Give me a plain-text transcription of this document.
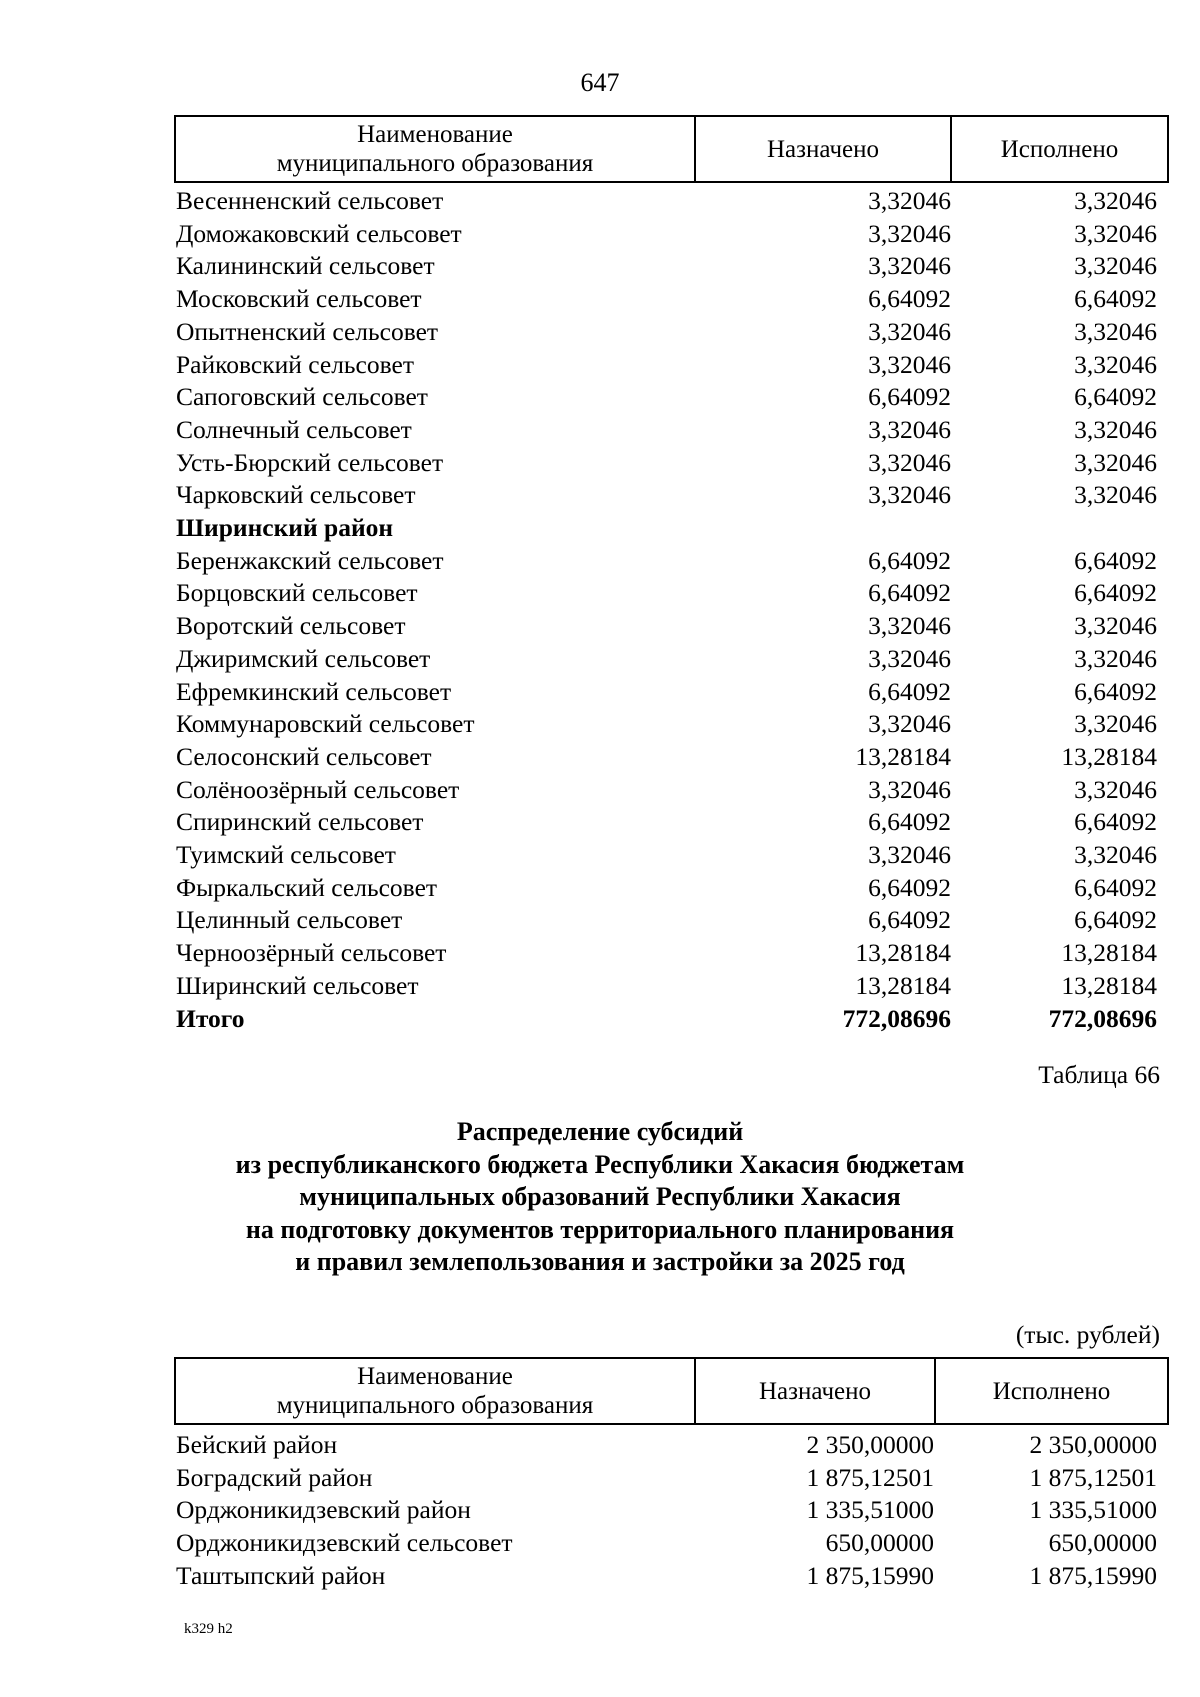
647
Наименование
муниципального образования
Назначено	Исполнено
Весенненский сельсовет	3,32046	3,32046
Доможаковский сельсовет	3,32046	3,32046
Калининский сельсовет	3,32046	3,32046
Московский сельсовет	6,64092	6,64092
Опытненский сельсовет	3,32046	3,32046
Райковский сельсовет	3,32046	3,32046
Сапоговский сельсовет	6,64092	6,64092
Солнечный сельсовет	3,32046	3,32046
Усть-Бюрский сельсовет	3,32046	3,32046
Чарковский сельсовет	3,32046	3,32046
Ширинский район
Беренжакский сельсовет	6,64092	6,64092
Борцовский сельсовет	6,64092	6,64092
Воротский сельсовет	3,32046	3,32046
Джиримский сельсовет	3,32046	3,32046
Ефремкинский сельсовет	6,64092	6,64092
Коммунаровский сельсовет	3,32046	3,32046
Селосонский сельсовет	13,28184	13,28184
Солёноозёрный сельсовет	3,32046	3,32046
Спиринский сельсовет	6,64092	6,64092
Туимский сельсовет	3,32046	3,32046
Фыркальский сельсовет	6,64092	6,64092
Целинный сельсовет	6,64092	6,64092
Черноозёрный сельсовет	13,28184	13,28184
Ширинский сельсовет	13,28184	13,28184
Итого	772,08696	772,08696
Таблица 66
Распределение субсидий
из республиканского бюджета Республики Хакасия бюджетам
муниципальных образований Республики Хакасия
на подготовку документов территориального планирования
и правил землепользования и застройки за 2025 год
(тыс. рублей)
Наименование
муниципального образования
Назначено	Исполнено
Бейский район	2 350,00000	2 350,00000
Боградский район	1 875,12501	1 875,12501
Орджоникидзевский район	1 335,51000	1 335,51000
Орджоникидзевский сельсовет	650,00000	650,00000
Таштыпский район	1 875,15990	1 875,15990
k329 h2
